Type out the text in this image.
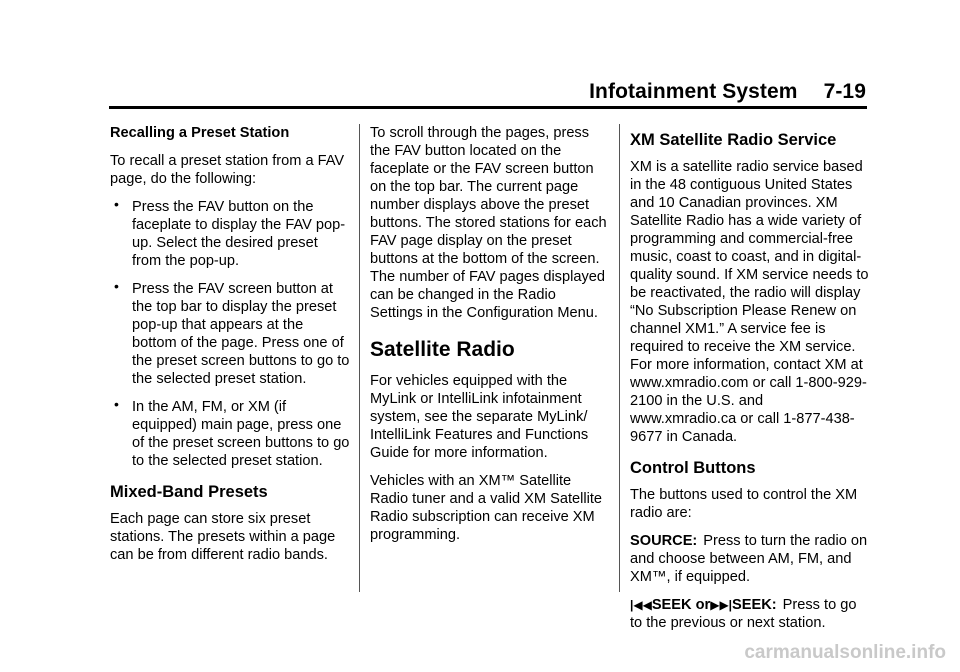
Infotainment System 7-19

Recalling a Preset Station

To recall a preset station from a FAV page, do the following:

• Press the FAV button on the faceplate to display the FAV pop-up. Select the desired preset from the pop-up.
• Press the FAV screen button at the top bar to display the preset pop-up that appears at the bottom of the page. Press one of the preset screen buttons to go to the selected preset station.
• In the AM, FM, or XM (if equipped) main page, press one of the preset screen buttons to go to the selected preset station.
Mixed-Band Presets

Each page can store six preset stations. The presets within a page can be from different radio bands.

To scroll through the pages, press the FAV button located on the faceplate or the FAV screen button on the top bar. The current page number displays above the preset buttons. The stored stations for each FAV page display on the preset buttons at the bottom of the screen. The number of FAV pages displayed can be changed in the Radio Settings in the Configuration Menu.

Satellite Radio

For vehicles equipped with the MyLink or IntelliLink infotainment system, see the separate MyLink/ IntelliLink Features and Functions Guide for more information.

Vehicles with an XM™ Satellite Radio tuner and a valid XM Satellite Radio subscription can receive XM programming.

XM Satellite Radio Service

XM is a satellite radio service based in the 48 contiguous United States and 10 Canadian provinces. XM Satellite Radio has a wide variety of programming and commercial-free music, coast to coast, and in digital-quality sound. If XM service needs to be reactivated, the radio will display “No Subscription Please Renew on channel XM1.” A service fee is required to receive the XM service. For more information, contact XM at www.xmradio.com or call 1-800-929-2100 in the U.S. and www.xmradio.ca or call 1-877-438-9677 in Canada.

Control Buttons

The buttons used to control the XM radio are:

SOURCE: Press to turn the radio on and choose between AM, FM, and XM™, if equipped.

|◀◀SEEK or▶▶|SEEK: Press to go to the previous or next station.

carmanualsonline.info
